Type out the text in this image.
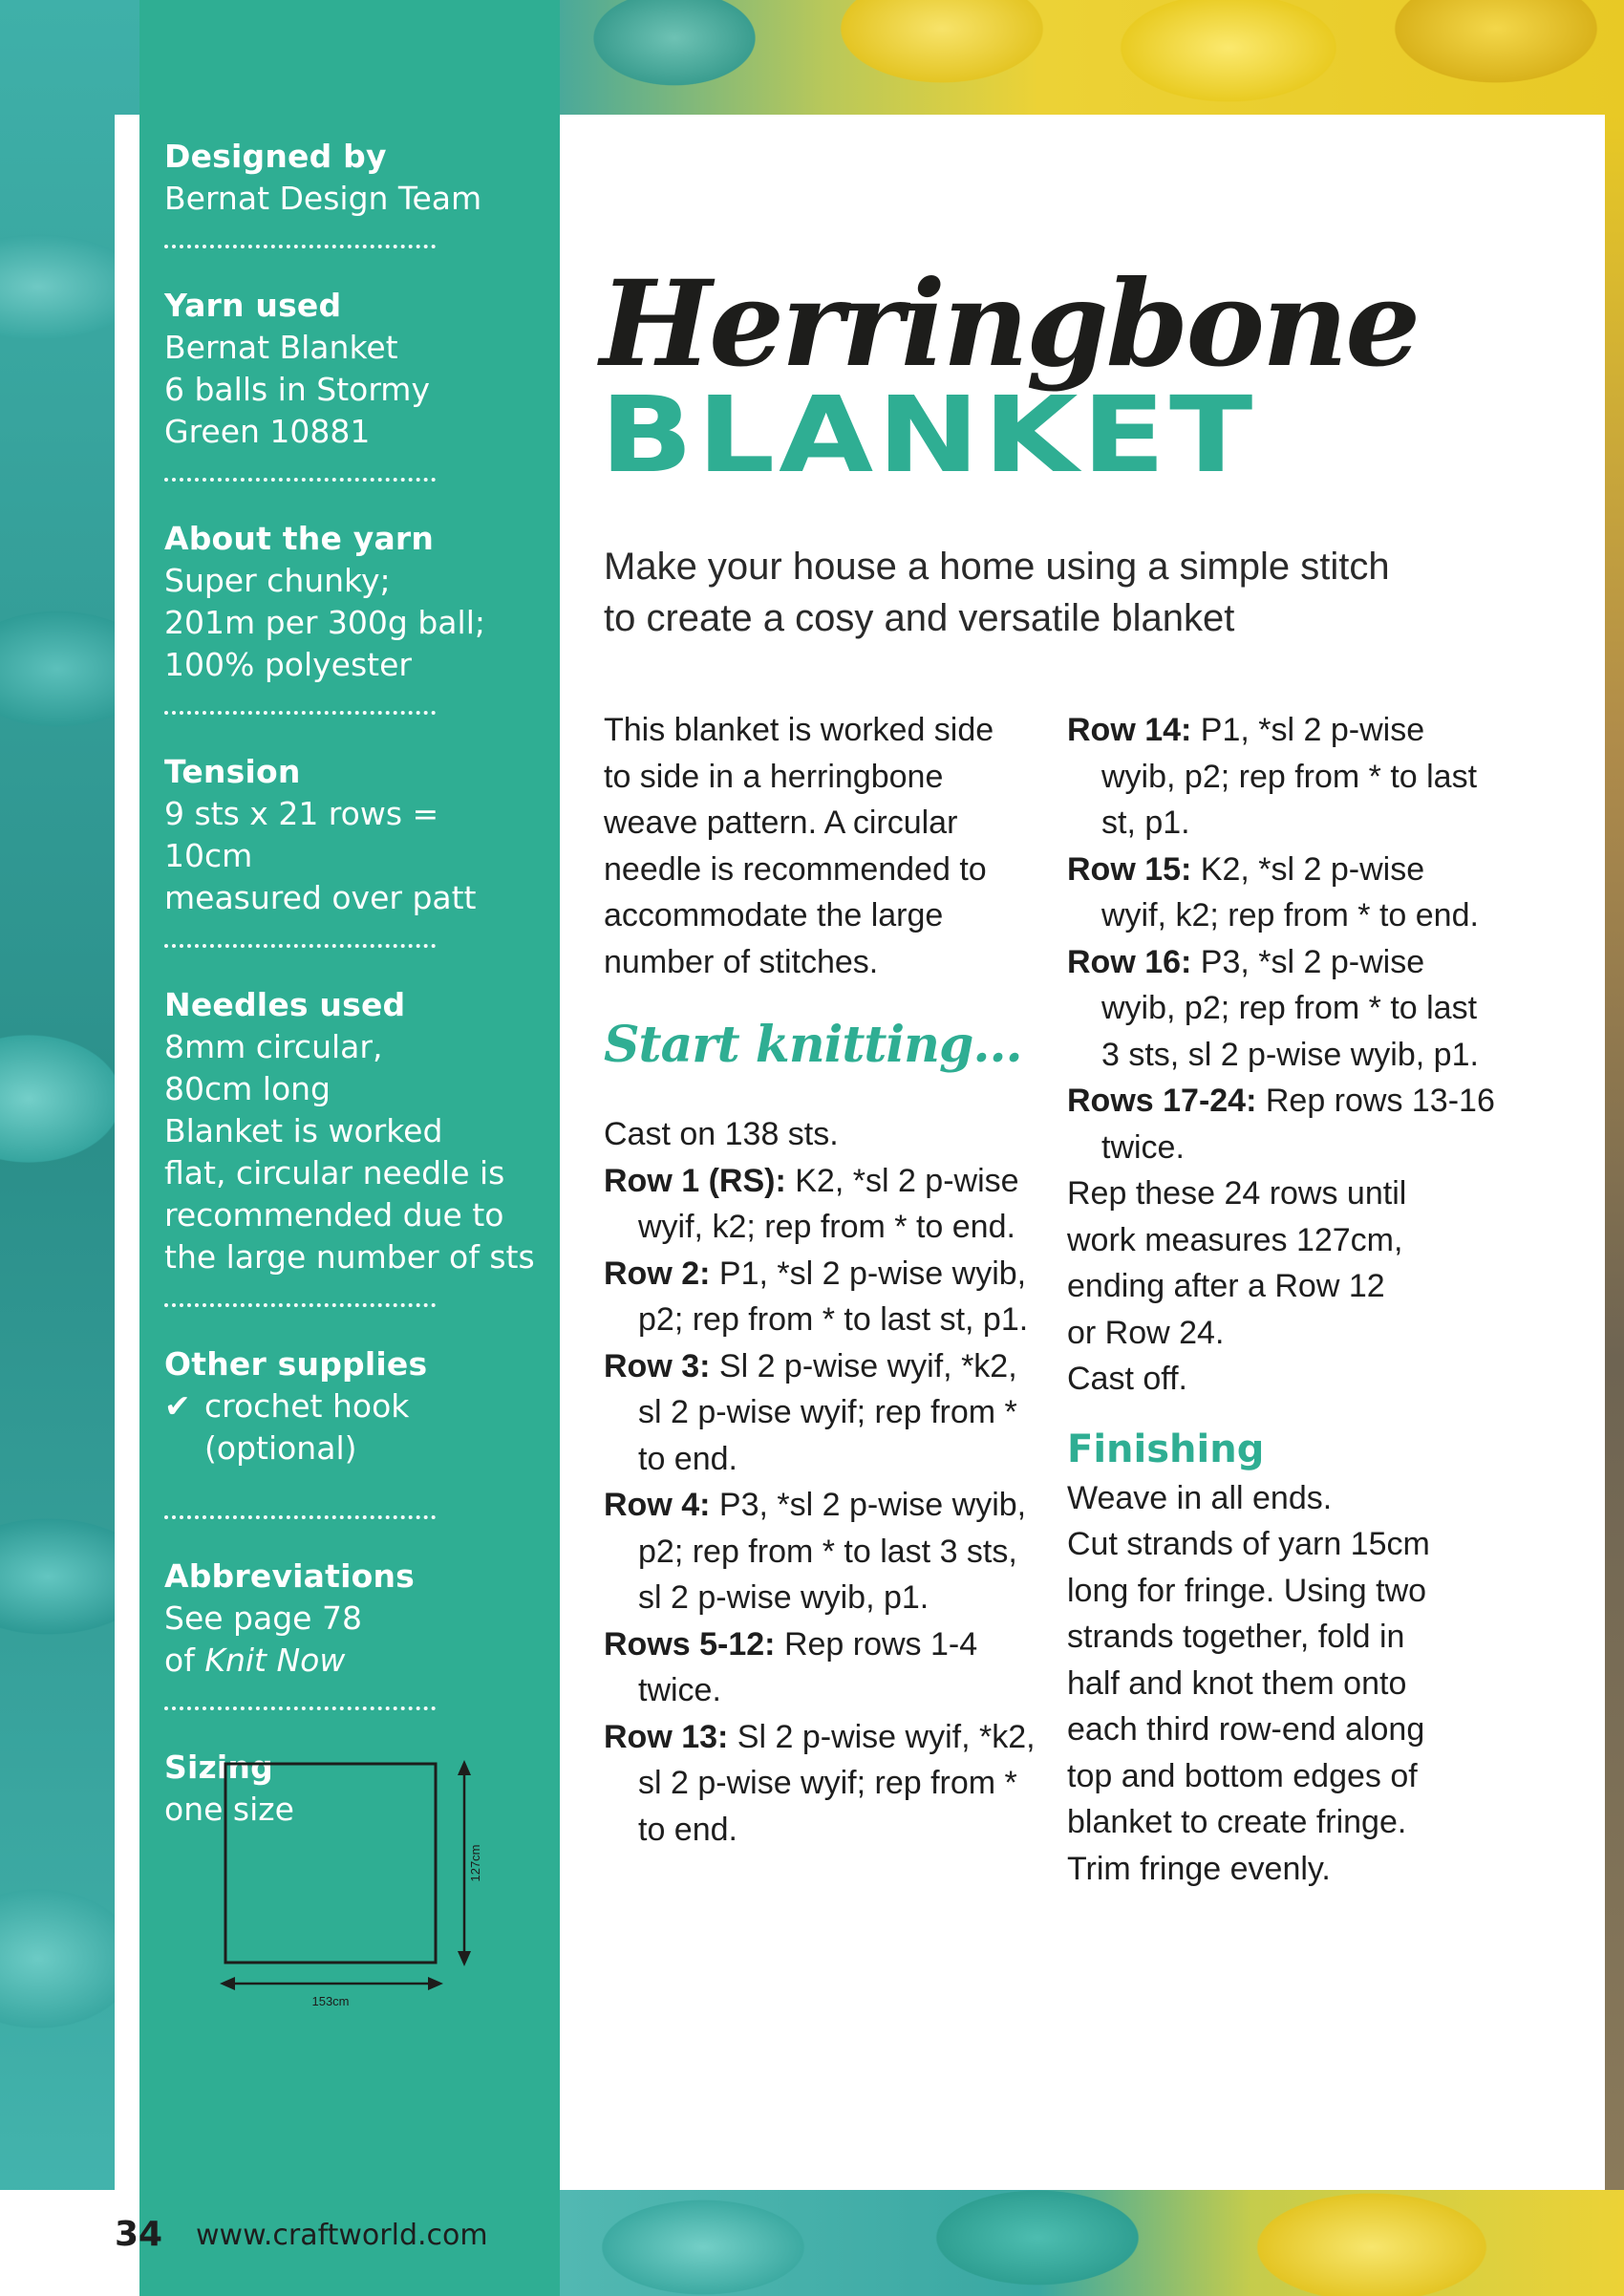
Designed by
Bernat Design Team
Yarn used
Bernat Blanket
6 balls in Stormy
Green 10881
About the yarn
Super chunky;
201m per 300g ball;
100% polyester
Tension
9 sts x 21 rows = 10cm
measured over patt
Needles used
8mm circular,
80cm long
Blanket is worked
flat, circular needle is
recommended due to
the large number of sts
Other supplies
✔ crochet hook
(optional)
Abbreviations
See page 78
of Knit Now
Sizing
one size
127cm
153cm
Herringbone
BLANKET
Make your house a home using a simple stitch
to create a cosy and versatile blanket
This blanket is worked side
to side in a herringbone
weave pattern. A circular
needle is recommended to
accommodate the large
number of stitches.
Start knitting...
Cast on 138 sts.
Row 1 (RS): K2, *sl 2 p-wise wyif, k2; rep from * to end.
Row 2: P1, *sl 2 p-wise wyib, p2; rep from * to last st, p1.
Row 3: Sl 2 p-wise wyif, *k2, sl 2 p-wise wyif; rep from * to end.
Row 4: P3, *sl 2 p-wise wyib, p2; rep from * to last 3 sts, sl 2 p-wise wyib, p1.
Rows 5-12: Rep rows 1-4 twice.
Row 13: Sl 2 p-wise wyif, *k2, sl 2 p-wise wyif; rep from * to end.
Row 14: P1, *sl 2 p-wise wyib, p2; rep from * to last st, p1.
Row 15: K2, *sl 2 p-wise wyif, k2; rep from * to end.
Row 16: P3, *sl 2 p-wise wyib, p2; rep from * to last 3 sts, sl 2 p-wise wyib, p1.
Rows 17-24: Rep rows 13-16 twice.
Rep these 24 rows until
work measures 127cm,
ending after a Row 12
or Row 24.
Cast off.
Finishing
Weave in all ends.
Cut strands of yarn 15cm
long for fringe. Using two
strands together, fold in
half and knot them onto
each third row-end along
top and bottom edges of
blanket to create fringe.
Trim fringe evenly.
34 www.craftworld.com
